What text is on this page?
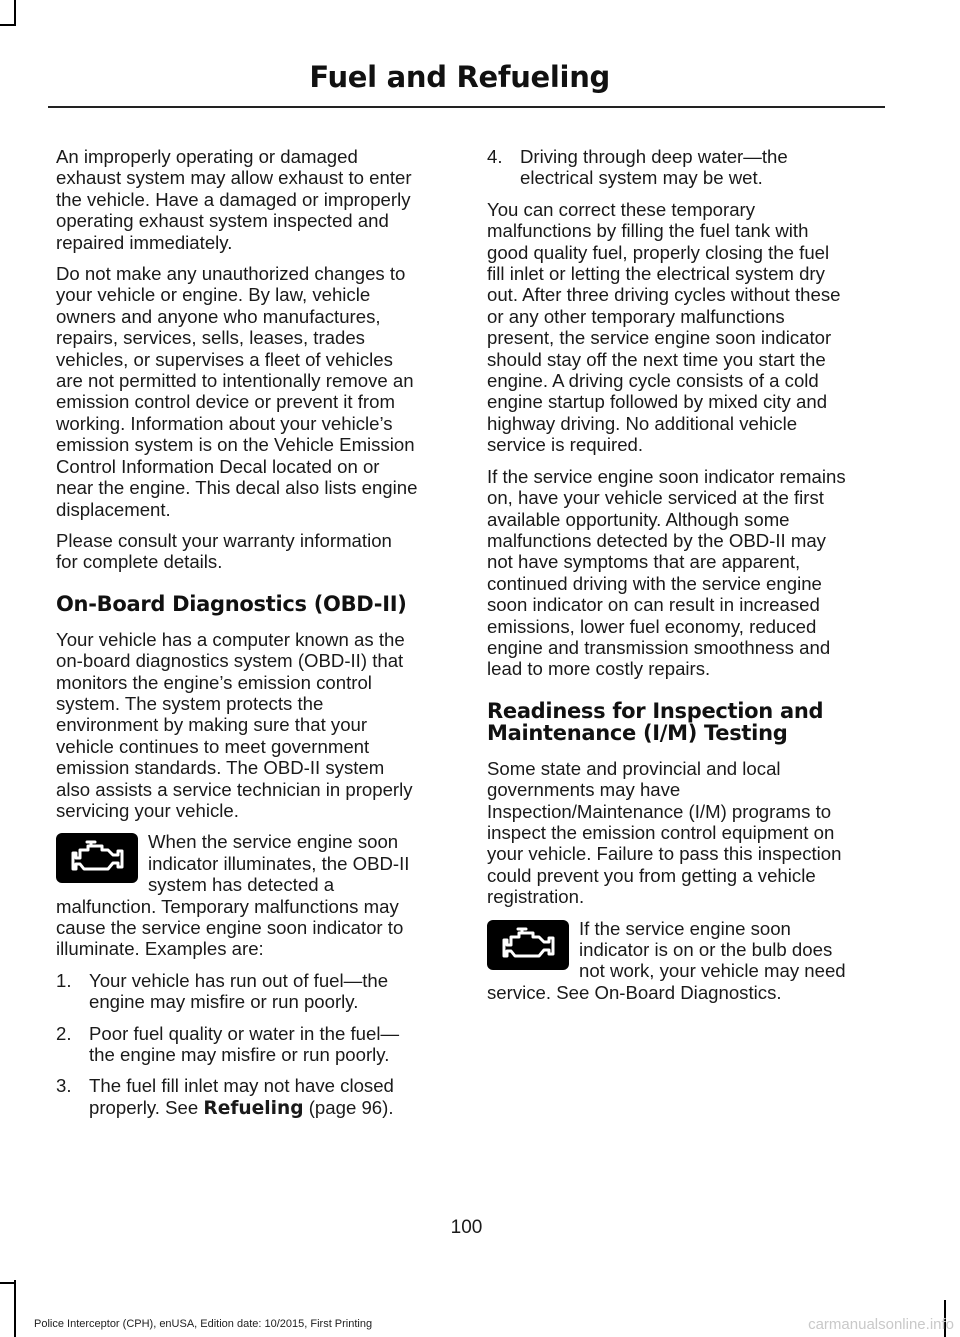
Fuel and Refueling

An improperly operating or damaged exhaust system may allow exhaust to enter the vehicle. Have a damaged or improperly operating exhaust system inspected and repaired immediately.

Do not make any unauthorized changes to your vehicle or engine. By law, vehicle owners and anyone who manufactures, repairs, services, sells, leases, trades vehicles, or supervises a fleet of vehicles are not permitted to intentionally remove an emission control device or prevent it from working. Information about your vehicle’s emission system is on the Vehicle Emission Control Information Decal located on or near the engine. This decal also lists engine displacement.

Please consult your warranty information for complete details.

On-Board Diagnostics (OBD-II)

Your vehicle has a computer known as the on-board diagnostics system (OBD-II) that monitors the engine’s emission control system. The system protects the environment by making sure that your vehicle continues to meet government emission standards. The OBD-II system also assists a service technician in properly servicing your vehicle.

When the service engine soon indicator illuminates, the OBD-II system has detected a malfunction. Temporary malfunctions may cause the service engine soon indicator to illuminate. Examples are:

1. Your vehicle has run out of fuel—the engine may misfire or run poorly.
2. Poor fuel quality or water in the fuel—the engine may misfire or run poorly.
3. The fuel fill inlet may not have closed properly. See Refueling (page 96).
4. Driving through deep water—the electrical system may be wet.

You can correct these temporary malfunctions by filling the fuel tank with good quality fuel, properly closing the fuel fill inlet or letting the electrical system dry out. After three driving cycles without these or any other temporary malfunctions present, the service engine soon indicator should stay off the next time you start the engine. A driving cycle consists of a cold engine startup followed by mixed city and highway driving. No additional vehicle service is required.

If the service engine soon indicator remains on, have your vehicle serviced at the first available opportunity. Although some malfunctions detected by the OBD-II may not have symptoms that are apparent, continued driving with the service engine soon indicator on can result in increased emissions, lower fuel economy, reduced engine and transmission smoothness and lead to more costly repairs.

Readiness for Inspection and Maintenance (I/M) Testing

Some state and provincial and local governments may have Inspection/Maintenance (I/M) programs to inspect the emission control equipment on your vehicle. Failure to pass this inspection could prevent you from getting a vehicle registration.

If the service engine soon indicator is on or the bulb does not work, your vehicle may need service. See On-Board Diagnostics.

100
Police Interceptor (CPH), enUSA, Edition date: 10/2015, First Printing	carmanualsonline.info
